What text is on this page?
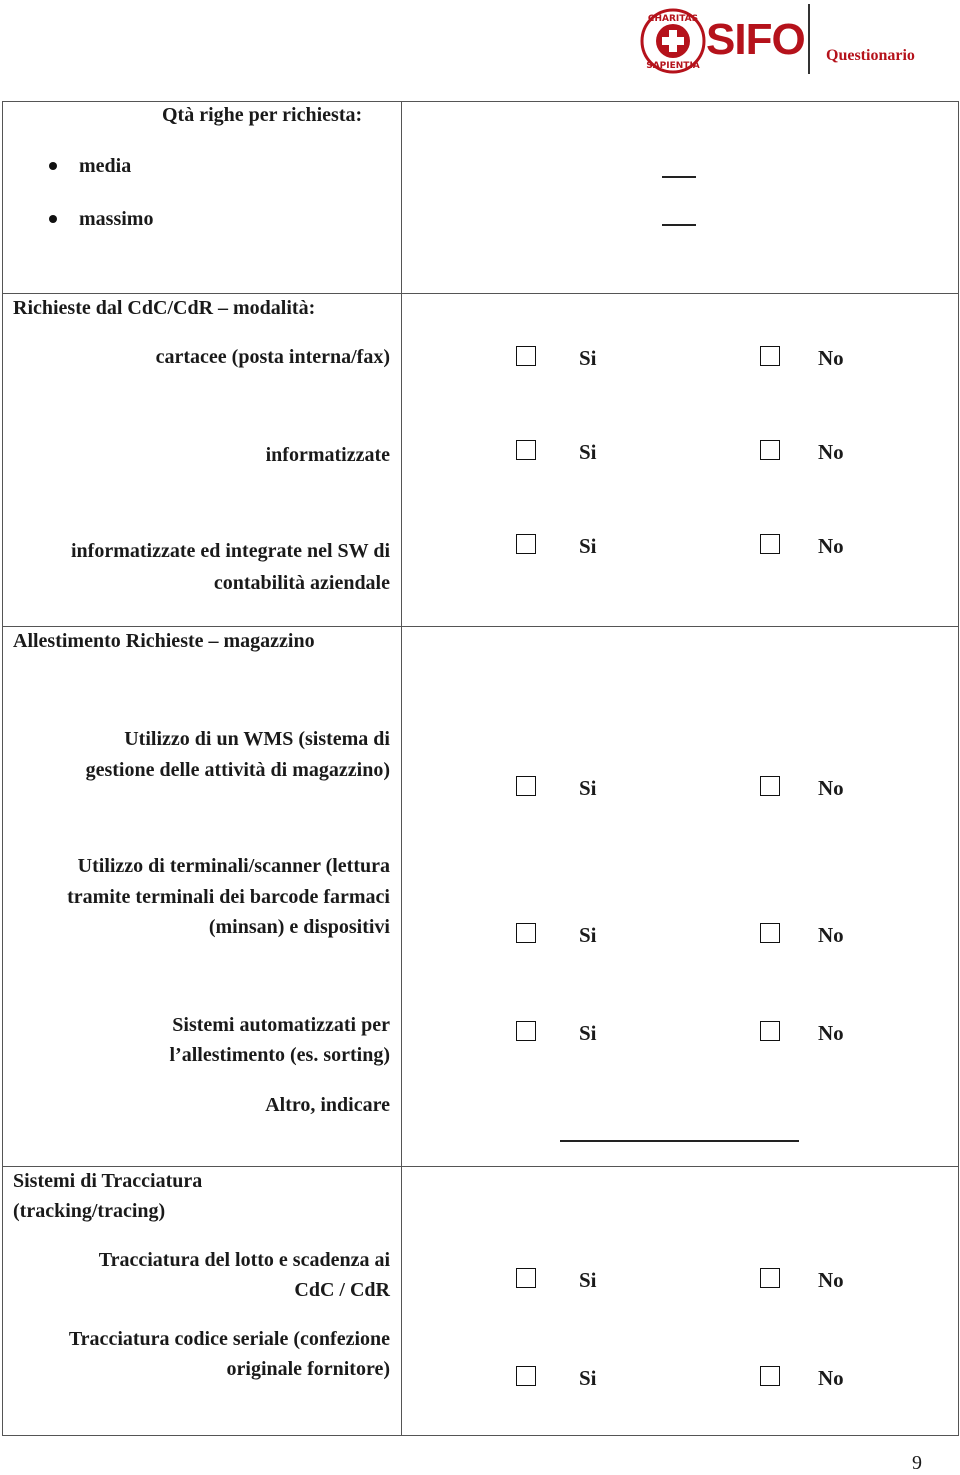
CHARITAS
SAPIENTIA
SIFO Questionario
Qtà righe per richiesta:
media
massimo
Richieste dal CdC/CdR – modalità:
cartacee (posta interna/fax)	Si	No
informatizzate	Si	No
informatizzate ed integrate nel SW di
contabilità aziendale
Si	No
Allestimento Richieste – magazzino
Utilizzo di un WMS (sistema di
gestione delle attività di magazzino)
Si	No
Utilizzo di terminali/scanner (lettura
tramite terminali dei barcode farmaci
(minsan) e dispositivi	Si	No
Sistemi automatizzati per
l’allestimento (es. sorting)
Si	No
Altro, indicare
Sistemi di Tracciatura
(tracking/tracing)
Tracciatura del lotto e scadenza ai
CdC / CdR	Si	No
Tracciatura codice seriale (confezione
originale fornitore)	Si	No
9
